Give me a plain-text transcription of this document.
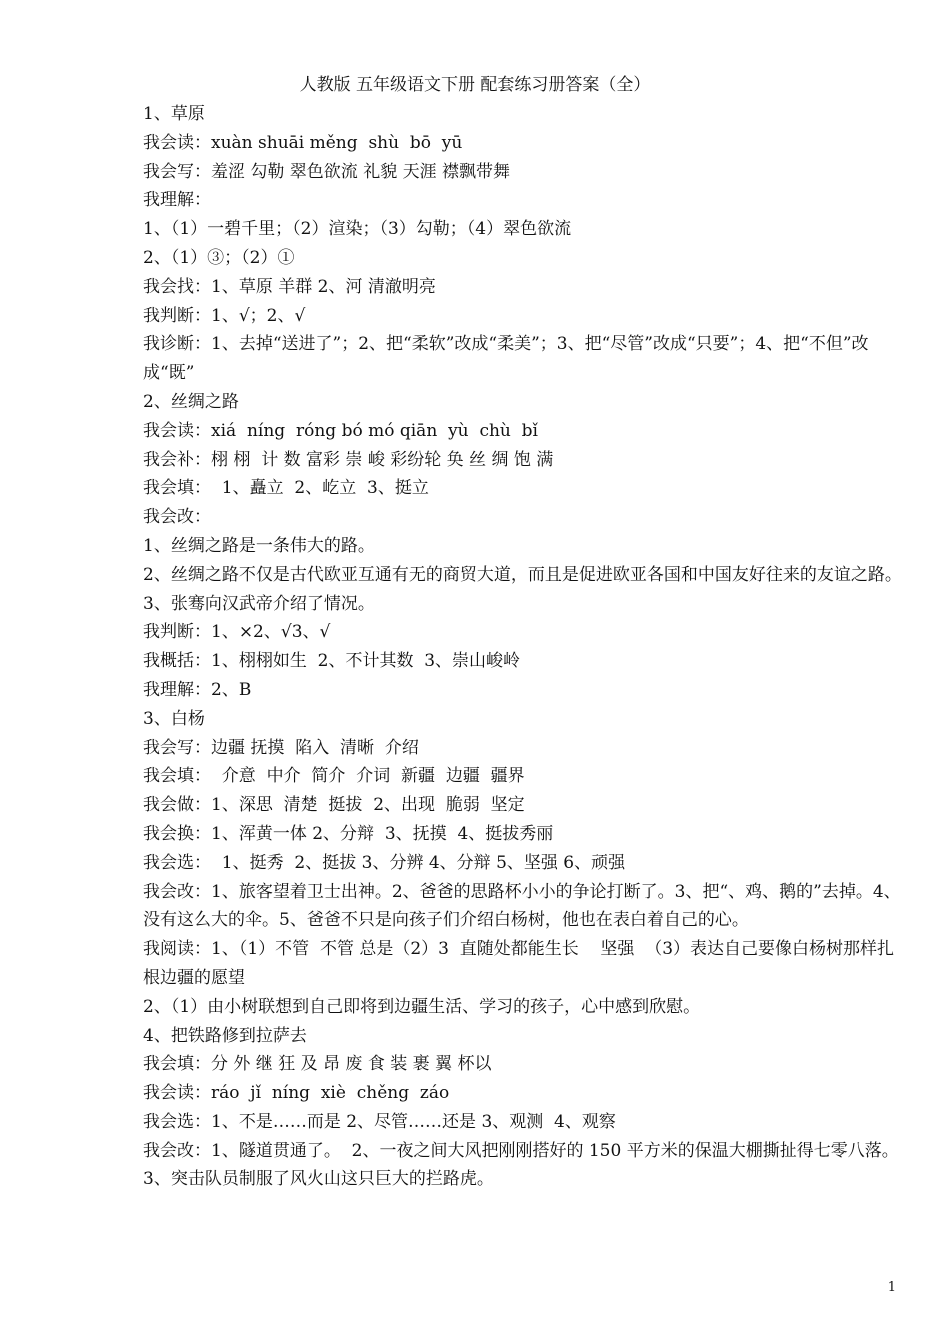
人教版 五年级语文下册 配套练习册答案（全）
1、草原
我会读：xuàn shuāi měng  shù  bō  yū
我会写：羞涩 勾勒 翠色欲流 礼貌 天涯 襟飘带舞
我理解：
1、（1）一碧千里；（2）渲染；（3）勾勒；（4）翠色欲流
2、（1）③；（2）①
我会找：1、草原 羊群 2、河 清澈明亮
我判断：1、√；2、√
我诊断：1、去掉“送进了”；2、把“柔软”改成“柔美”；3、把“尽管”改成“只要”；4、把“不但”改成“既”
2、丝绸之路
我会读：xiá  níng  róng bó mó qiān  yù  chù  bǐ
我会补：栩 栩  计 数 富彩 崇 峻 彩纷轮 奂 丝 绸 饱 满
我会填：  1、矗立  2、屹立  3、挺立
我会改：
1、丝绸之路是一条伟大的路。
2、丝绸之路不仅是古代欧亚互通有无的商贸大道，而且是促进欧亚各国和中国友好往来的友谊之路。
3、张骞向汉武帝介绍了情况。
我判断：1、×2、√3、√
我概括：1、栩栩如生  2、不计其数  3、崇山峻岭
我理解：2、B
3、白杨
我会写：边疆 抚摸  陷入  清晰  介绍
我会填：  介意  中介  简介  介词  新疆  边疆  疆界
我会做：1、深思  清楚  挺拔  2、出现  脆弱  坚定
我会换：1、浑黄一体 2、分辩  3、抚摸  4、挺拔秀丽
我会选：  1、挺秀  2、挺拔 3、分辨 4、分辩 5、坚强 6、顽强
我会改：1、旅客望着卫士出神。2、爸爸的思路杯小小的争论打断了。3、把“、鸡、鹅的”去掉。4、没有这么大的伞。5、爸爸不只是向孩子们介绍白杨树，他也在表白着自己的心。
我阅读：1、（1）不管  不管 总是（2）3  直随处都能生长    坚强  （3）表达自己要像白杨树那样扎根边疆的愿望
2、（1）由小树联想到自己即将到边疆生活、学习的孩子，心中感到欣慰。
4、把铁路修到拉萨去
我会填：分 外 继 狂 及 昂 废 食 装 裹 翼 杯以
我会读：ráo  jǐ  níng  xiè  chěng  záo
我会选：1、不是……而是 2、尽管……还是 3、观测  4、观察
我会改：1、隧道贯通了。  2、一夜之间大风把刚刚搭好的 150 平方米的保温大棚撕扯得七零八落。3、突击队员制服了风火山这只巨大的拦路虎。
1
